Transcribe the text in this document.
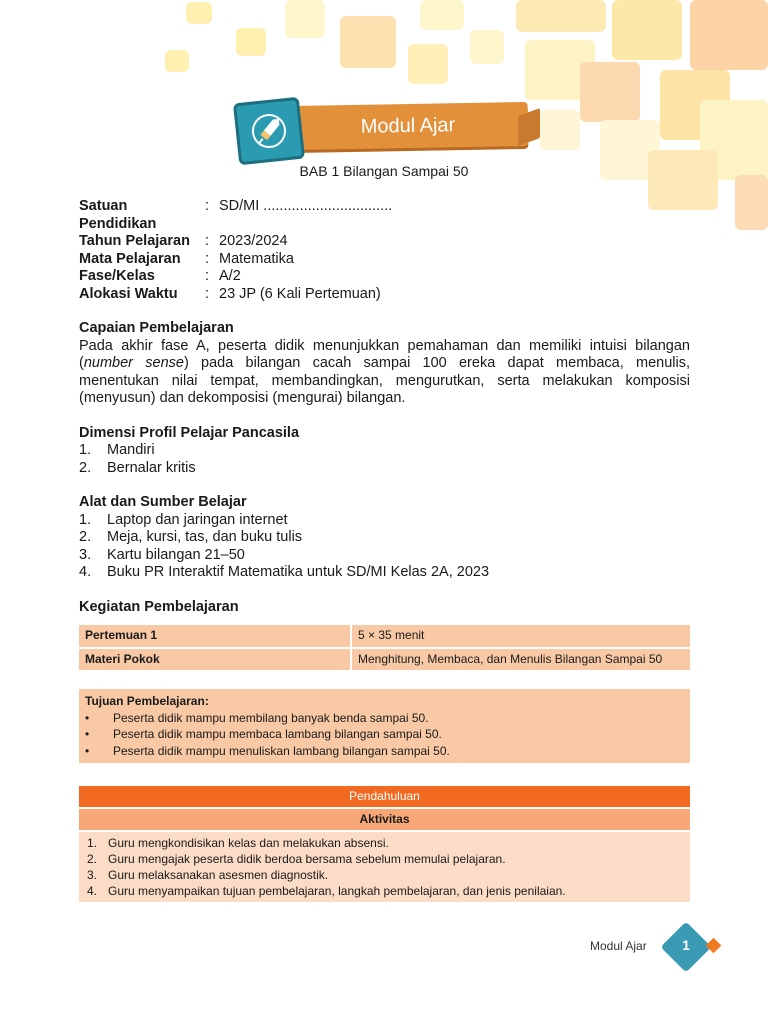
Modul Ajar
BAB 1 Bilangan Sampai 50
Satuan Pendidikan
: SD/MI ................................
Tahun Pelajaran	: 2023/2024
Mata Pelajaran	: Matematika
Fase/Kelas	: A/2
Alokasi Waktu	: 23 JP (6 Kali Pertemuan)
Capaian Pembelajaran
Pada akhir fase A, peserta didik menunjukkan pemahaman dan memiliki intuisi bilangan (number sense) pada bilangan cacah sampai 100 ereka dapat membaca, menulis, menentukan nilai tempat, membandingkan, mengurutkan, serta melakukan komposisi (menyusun) dan dekomposisi (mengurai) bilangan.
Dimensi Profil Pelajar Pancasila
1.	Mandiri
2.	Bernalar kritis
Alat dan Sumber Belajar
1.	Laptop dan jaringan internet
2.	Meja, kursi, tas, dan buku tulis
3.	Kartu bilangan 21–50
4.	Buku PR Interaktif Matematika untuk SD/MI Kelas 2A, 2023
Kegiatan Pembelajaran
Pertemuan 1	5 × 35 menit
Materi Pokok	Menghitung, Membaca, dan Menulis Bilangan Sampai 50
Tujuan Pembelajaran:
•	Peserta didik mampu membilang banyak benda sampai 50.
•	Peserta didik mampu membaca lambang bilangan sampai 50.
•	Peserta didik mampu menuliskan lambang bilangan sampai 50.
Pendahuluan
Aktivitas
1. Guru mengkondisikan kelas dan melakukan absensi.
2. Guru mengajak peserta didik berdoa bersama sebelum memulai pelajaran.
3. Guru melaksanakan asesmen diagnostik.
4. Guru menyampaikan tujuan pembelajaran, langkah pembelajaran, dan jenis penilaian.
Modul Ajar	1
